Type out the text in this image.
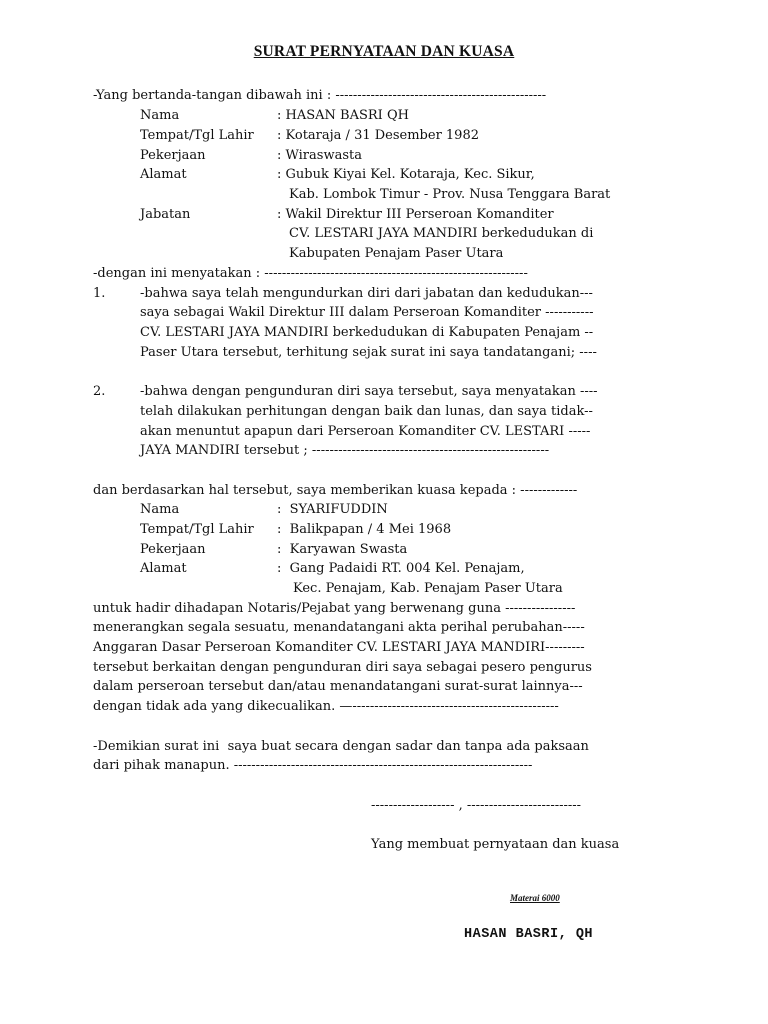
SURAT PERNYATAAN DAN KUASA
-Yang bertanda-tangan dibawah ini : ------------------------------------------------
Nama	: HASAN BASRI QH
Tempat/Tgl Lahir : Kotaraja / 31 Desember 1982
Pekerjaan	: Wiraswasta
Alamat	: Gubuk Kiyai Kel. Kotaraja, Kec. Sikur,
Kab. Lombok Timur - Prov. Nusa Tenggara Barat
Jabatan	: Wakil Direktur III Perseroan Komanditer
CV. LESTARI JAYA MANDIRI berkedudukan di
Kabupaten Penajam Paser Utara
-dengan ini menyatakan : ------------------------------------------------------------
1.	-bahwa saya telah mengundurkan diri dari jabatan dan kedudukan---
saya sebagai Wakil Direktur III dalam Perseroan Komanditer -----------
CV. LESTARI JAYA MANDIRI berkedudukan di Kabupaten Penajam --
Paser Utara tersebut, terhitung sejak surat ini saya tandatangani; ----
2.	-bahwa dengan pengunduran diri saya tersebut, saya menyatakan ----
telah dilakukan perhitungan dengan baik dan lunas, dan saya tidak--
akan menuntut apapun dari Perseroan Komanditer CV. LESTARI -----
JAYA MANDIRI tersebut ; ------------------------------------------------------
dan berdasarkan hal tersebut, saya memberikan kuasa kepada : -------------
Nama	:  SYARIFUDDIN
Tempat/Tgl Lahir :  Balikpapan / 4 Mei 1968
Pekerjaan	:  Karyawan Swasta
Alamat	:  Gang Padaidi RT. 004 Kel. Penajam,
Kec. Penajam, Kab. Penajam Paser Utara
untuk hadir dihadapan Notaris/Pejabat yang berwenang guna ----------------
menerangkan segala sesuatu, menandatangani akta perihal perubahan-----
Anggaran Dasar Perseroan Komanditer CV. LESTARI JAYA MANDIRI---------
tersebut berkaitan dengan pengunduran diri saya sebagai pesero pengurus
dalam perseroan tersebut dan/atau menandatangani surat-surat lainnya---
dengan tidak ada yang dikecualikan. —-----------------------------------------------
-Demikian surat ini  saya buat secara dengan sadar dan tanpa ada paksaan
dari pihak manapun. --------------------------------------------------------------------
------------------- , --------------------------
Yang membuat pernyataan dan kuasa
Materai 6000
HASAN BASRI, QH
